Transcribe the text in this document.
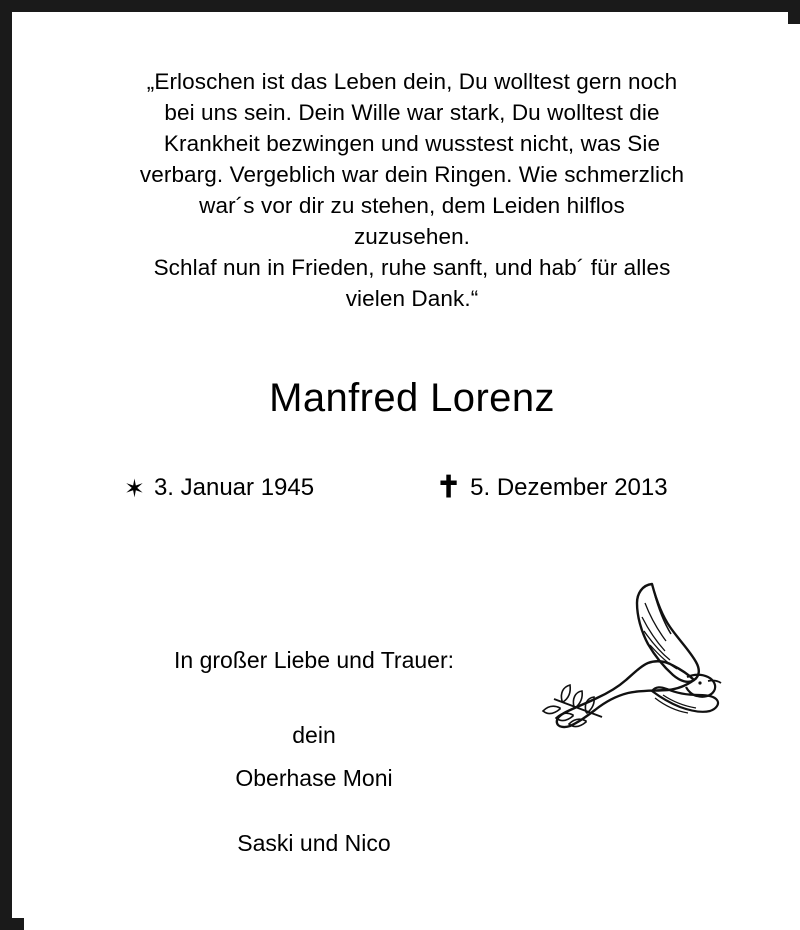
„Erloschen ist das Leben dein, Du wolltest gern noch
bei uns sein. Dein Wille war stark, Du wolltest die
Krankheit bezwingen und wusstest nicht, was Sie
verbarg. Vergeblich war dein Ringen. Wie schmerzlich
war´s vor dir zu stehen, dem Leiden hilflos
zuzusehen.
Schlaf nun in Frieden, ruhe sanft, und hab´ für alles
vielen Dank.“
Manfred Lorenz
✶ 3. Januar 1945	✝ 5. Dezember 2013
In großer Liebe und Trauer:
dein
Oberhase Moni
Saski und Nico
